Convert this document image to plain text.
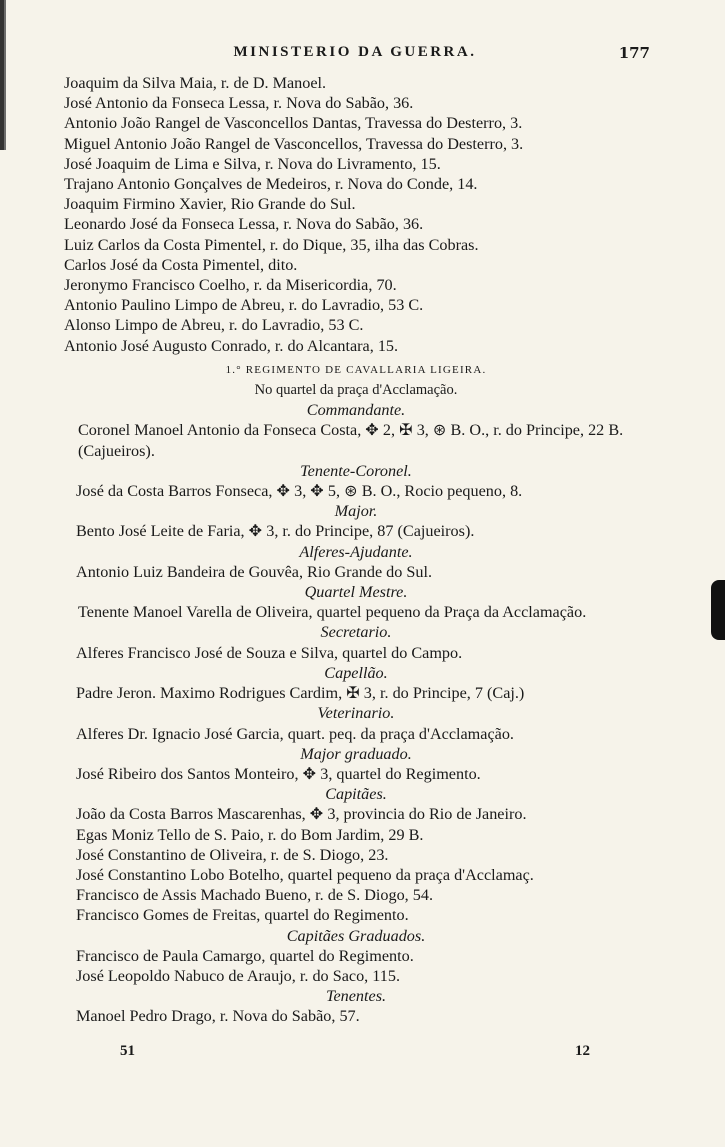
MINISTERIO DA GUERRA.	177
Joaquim da Silva Maia, r. de D. Manoel.
José Antonio da Fonseca Lessa, r. Nova do Sabão, 36.
Antonio João Rangel de Vasconcellos Dantas, Travessa do Desterro, 3.
Miguel Antonio João Rangel de Vasconcellos, Travessa do Desterro, 3.
José Joaquim de Lima e Silva, r. Nova do Livramento, 15.
Trajano Antonio Gonçalves de Medeiros, r. Nova do Conde, 14.
Joaquim Firmino Xavier, Rio Grande do Sul.
Leonardo José da Fonseca Lessa, r. Nova do Sabão, 36.
Luiz Carlos da Costa Pimentel, r. do Dique, 35, ilha das Cobras.
Carlos José da Costa Pimentel, dito.
Jeronymo Francisco Coelho, r. da Misericordia, 70.
Antonio Paulino Limpo de Abreu, r. do Lavradio, 53 C.
Alonso Limpo de Abreu, r. do Lavradio, 53 C.
Antonio José Augusto Conrado, r. do Alcantara, 15.
1.° REGIMENTO DE CAVALLARIA LIGEIRA.
No quartel da praça d'Acclamação.
Commandante.
Coronel Manoel Antonio da Fonseca Costa, ✥ 2, ✠ 3, ⊛ B. O., r. do Principe, 22 B. (Cajueiros).
Tenente-Coronel.
José da Costa Barros Fonseca, ✥ 3, ✥ 5, ⊛ B. O., Rocio pequeno, 8.
Major.
Bento José Leite de Faria, ✥ 3, r. do Principe, 87 (Cajueiros).
Alferes-Ajudante.
Antonio Luiz Bandeira de Gouvêa, Rio Grande do Sul.
Quartel Mestre.
Tenente Manoel Varella de Oliveira, quartel pequeno da Praça da Acclamação.
Secretario.
Alferes Francisco José de Souza e Silva, quartel do Campo.
Capellão.
Padre Jeron. Maximo Rodrigues Cardim, ✠ 3, r. do Principe, 7 (Caj.)
Veterinario.
Alferes Dr. Ignacio José Garcia, quart. peq. da praça d'Acclamação.
Major graduado.
José Ribeiro dos Santos Monteiro, ✥ 3, quartel do Regimento.
Capitães.
João da Costa Barros Mascarenhas, ✥ 3, provincia do Rio de Janeiro.
Egas Moniz Tello de S. Paio, r. do Bom Jardim, 29 B.
José Constantino de Oliveira, r. de S. Diogo, 23.
José Constantino Lobo Botelho, quartel pequeno da praça d'Acclamaç.
Francisco de Assis Machado Bueno, r. de S. Diogo, 54.
Francisco Gomes de Freitas, quartel do Regimento.
Capitães Graduados.
Francisco de Paula Camargo, quartel do Regimento.
José Leopoldo Nabuco de Araujo, r. do Saco, 115.
Tenentes.
Manoel Pedro Drago, r. Nova do Sabão, 57.
51	12
